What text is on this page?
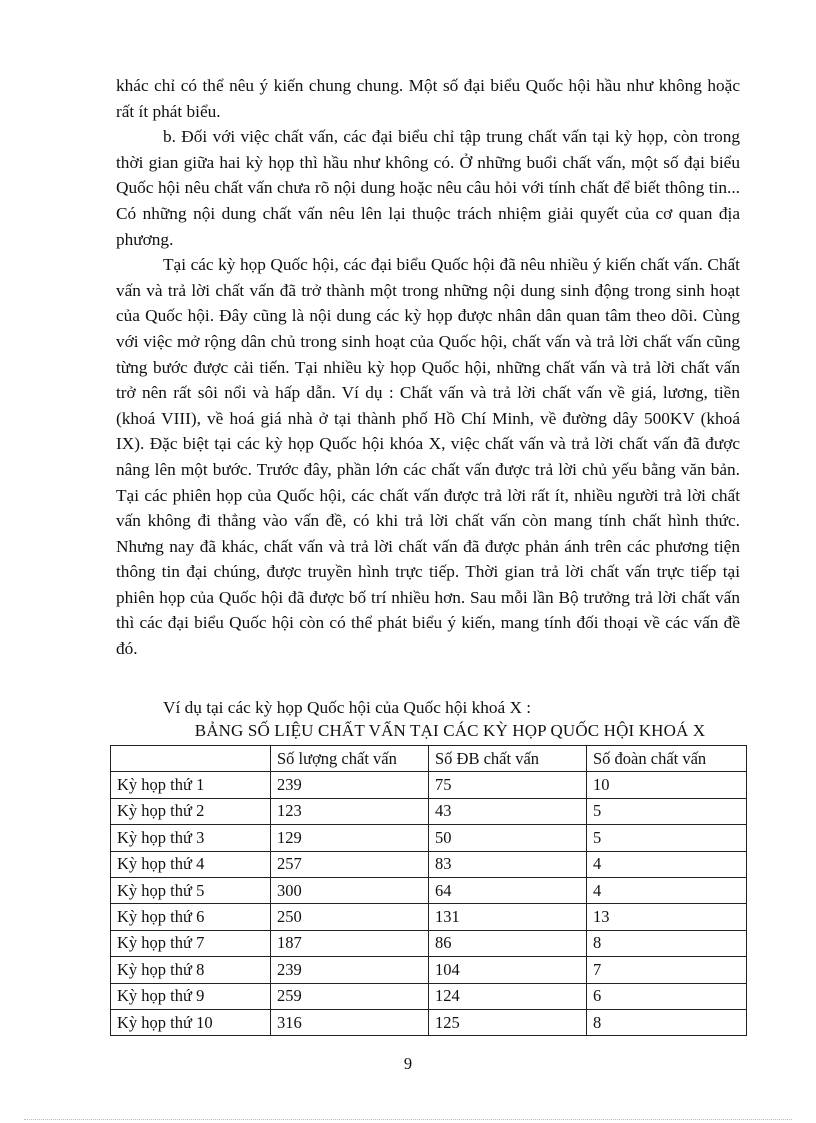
khác chỉ có thể nêu ý kiến chung chung. Một số đại biểu Quốc hội hầu như không hoặc rất ít phát biểu.

b. Đối với việc chất vấn, các đại biểu chỉ tập trung chất vấn tại kỳ họp, còn trong thời gian giữa hai kỳ họp thì hầu như không có. Ở những buổi chất vấn, một số đại biểu Quốc hội nêu chất vấn chưa rõ nội dung hoặc nêu câu hỏi với tính chất để biết thông tin... Có những nội dung chất vấn nêu lên lại thuộc trách nhiệm giải quyết của cơ quan địa phương.

Tại các kỳ họp Quốc hội, các đại biểu Quốc hội đã nêu nhiều ý kiến chất vấn. Chất vấn và trả lời chất vấn đã trở thành một trong những nội dung sinh động trong sinh hoạt của Quốc hội. Đây cũng là nội dung các kỳ họp được nhân dân quan tâm theo dõi. Cùng với việc mở rộng dân chủ trong sinh hoạt của Quốc hội, chất vấn và trả lời chất vấn cũng từng bước được cải tiến. Tại nhiều kỳ họp Quốc hội, những chất vấn và trả lời chất vấn trở nên rất sôi nổi và hấp dẫn. Ví dụ : Chất vấn và trả lời chất vấn về giá, lương, tiền (khoá VIII), về hoá giá nhà ở tại thành phố Hồ Chí Minh, về đường dây 500KV (khoá IX). Đặc biệt tại các kỳ họp Quốc hội khóa X, việc chất vấn và trả lời chất vấn đã được nâng lên một bước. Trước đây, phần lớn các chất vấn được trả lời chủ yếu bằng văn bản. Tại các phiên họp của Quốc hội, các chất vấn được trả lời rất ít, nhiều người trả lời chất vấn không đi thẳng vào vấn đề, có khi trả lời chất vấn còn mang tính chất hình thức. Nhưng nay đã khác, chất vấn và trả lời chất vấn đã được phản ánh trên các phương tiện thông tin đại chúng, được truyền hình trực tiếp. Thời gian trả lời chất vấn trực tiếp tại phiên họp của Quốc hội đã được bố trí nhiều hơn. Sau mỗi lần Bộ trưởng trả lời chất vấn thì các đại biểu Quốc hội còn có thể phát biểu ý kiến, mang tính đối thoại về các vấn đề đó.

Ví dụ tại các kỳ họp Quốc hội của Quốc hội khoá X :
BẢNG SỐ LIỆU CHẤT VẤN TẠI CÁC KỲ HỌP QUỐC HỘI KHOÁ X
	Số lượng chất vấn	Số ĐB chất vấn	Số đoàn chất vấn
Kỳ họp thứ 1	239	75	10
Kỳ họp thứ 2	123	43	5
Kỳ họp thứ 3	129	50	5
Kỳ họp thứ 4	257	83	4
Kỳ họp thứ 5	300	64	4
Kỳ họp thứ 6	250	131	13
Kỳ họp thứ 7	187	86	8
Kỳ họp thứ 8	239	104	7
Kỳ họp thứ 9	259	124	6
Kỳ họp thứ 10	316	125	8
9
